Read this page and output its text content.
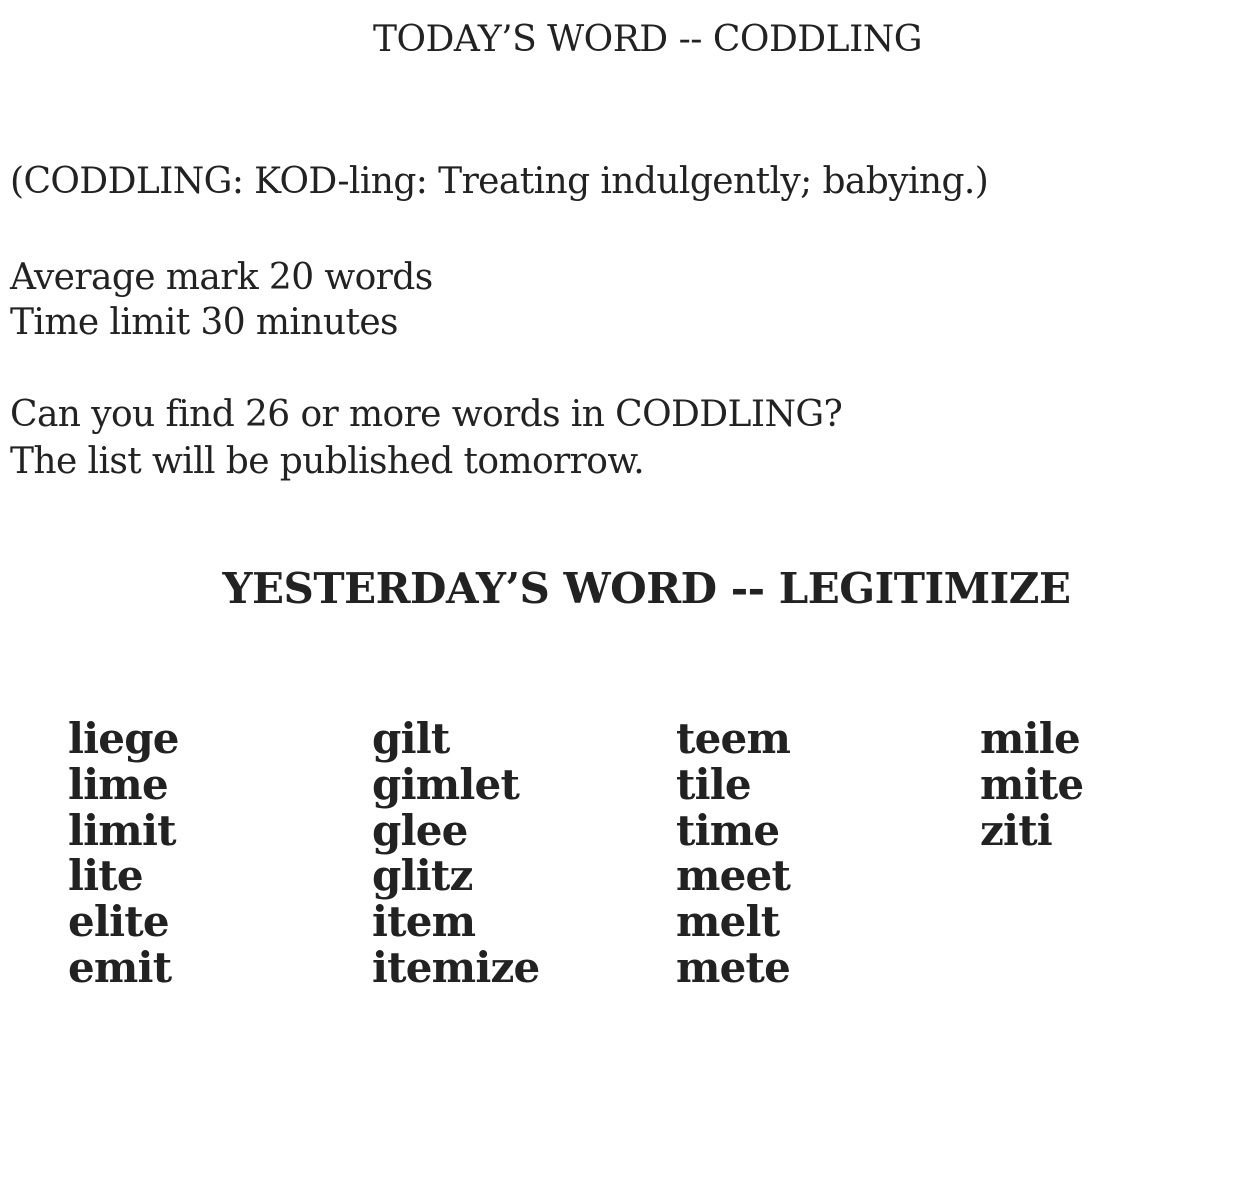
TODAY’S WORD -- CODDLING

(CODDLING: KOD-ling: Treating indulgently; babying.)

Average mark 20 words

Time limit 30 minutes

Can you find 26 or more words in CODDLING?

The list will be published tomorrow.

YESTERDAY’S WORD -- LEGITIMIZE
liege
lime
limit
lite
elite
emit
gilt
gimlet
glee
glitz
item
itemize
teem
tile
time
meet
melt
mete
mile
mite
ziti
